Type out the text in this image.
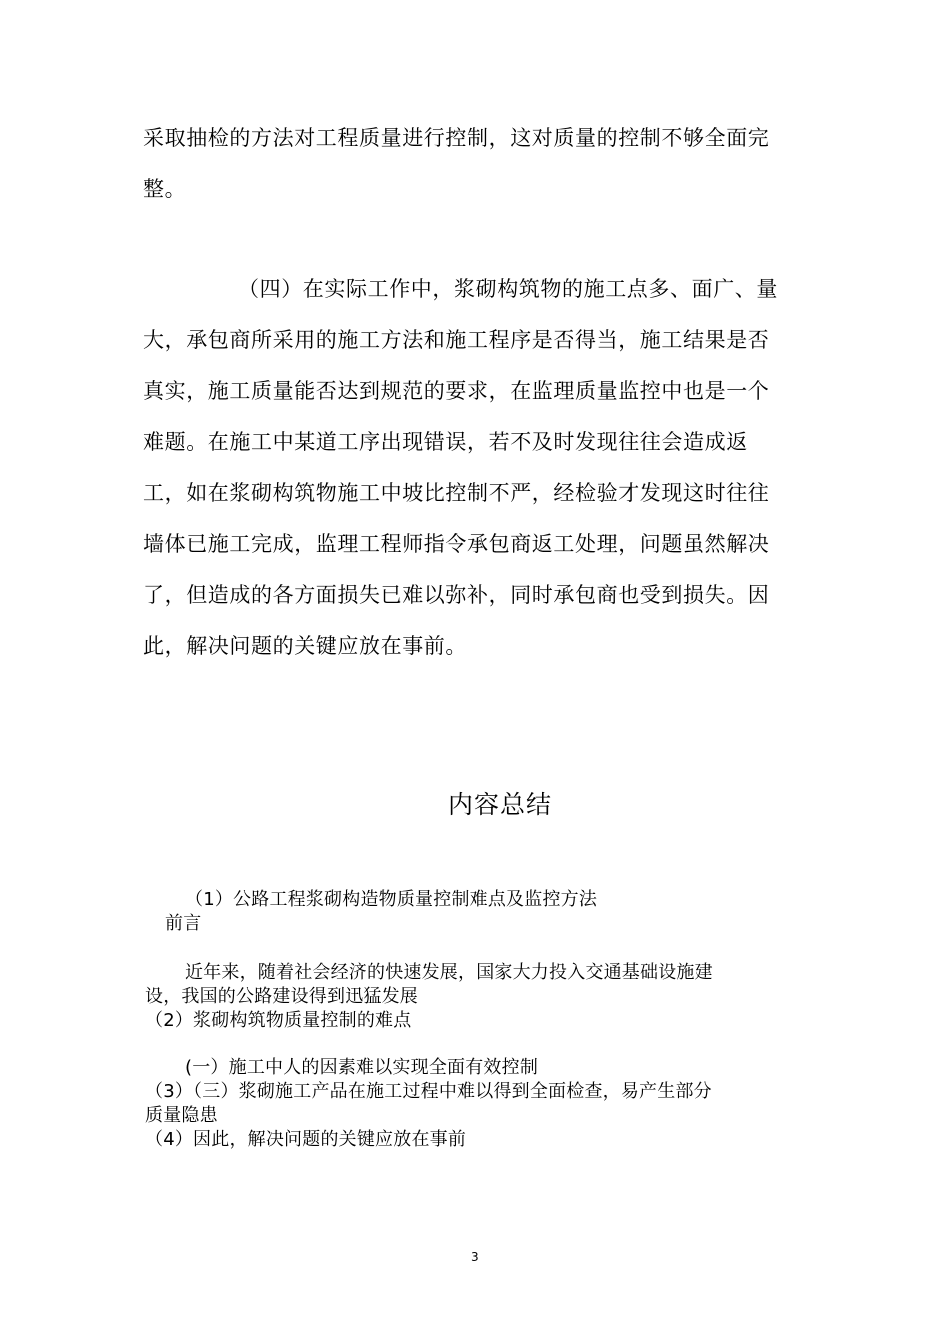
采取抽检的方法对工程质量进行控制，这对质量的控制不够全面完

整。

（四）在实际工作中，浆砌构筑物的施工点多、面广、量

大，承包商所采用的施工方法和施工程序是否得当，施工结果是否

真实，施工质量能否达到规范的要求，在监理质量监控中也是一个

难题。在施工中某道工序出现错误，若不及时发现往往会造成返

工，如在浆砌构筑物施工中坡比控制不严，经检验才发现这时往往

墙体已施工完成，监理工程师指令承包商返工处理，问题虽然解决

了，但造成的各方面损失已难以弥补，同时承包商也受到损失。因

此，解决问题的关键应放在事前。

内容总结

（1）公路工程浆砌构造物质量控制难点及监控方法

前言

近年来，随着社会经济的快速发展，国家大力投入交通基础设施建

设，我国的公路建设得到迅猛发展

（2）浆砌构筑物质量控制的难点

(一）施工中人的因素难以实现全面有效控制

（3）（三）浆砌施工产品在施工过程中难以得到全面检查，易产生部分

质量隐患

（4）因此，解决问题的关键应放在事前

3
